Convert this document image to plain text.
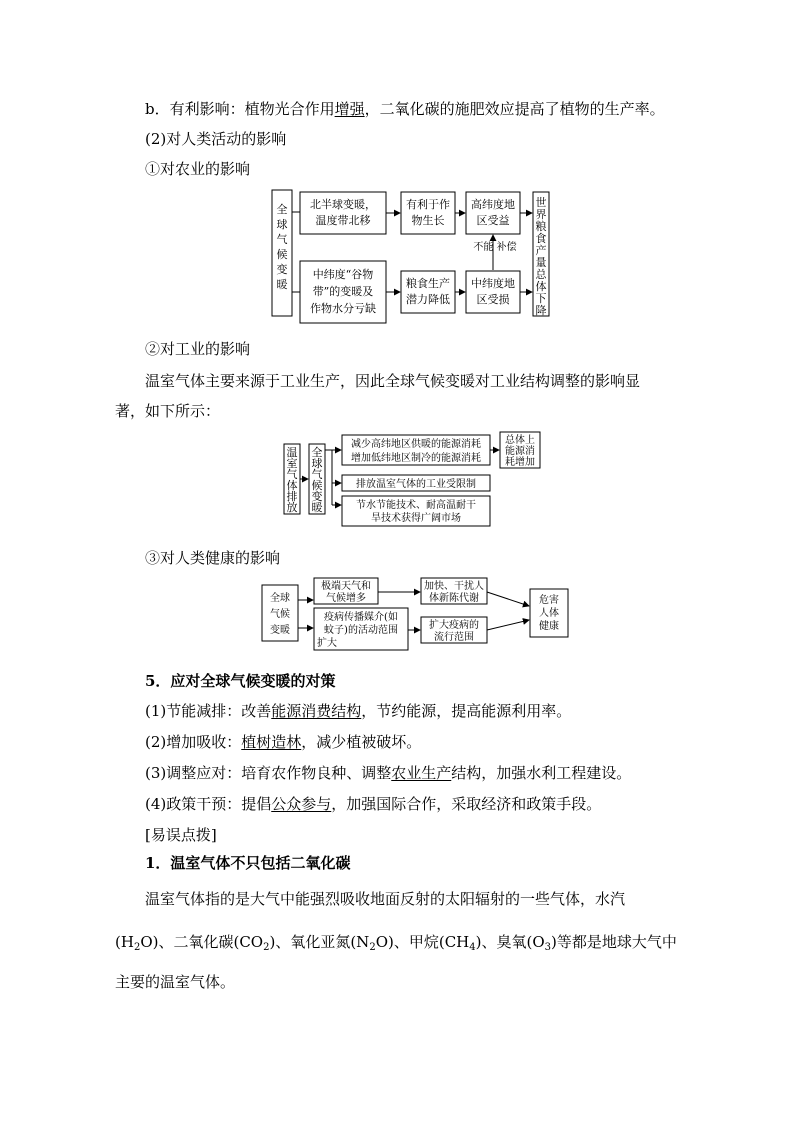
b．有利影响：植物光合作用增强，二氧化碳的施肥效应提高了植物的生产率。
(2)对人类活动的影响
①对农业的影响
全
球
气
候
变
暖
北半球变暖，
温度带北移
有利于作
物生长
高纬度地
区受益
中纬度“谷物
带”的变暖及
作物水分亏缺
粮食生产
潜力降低
中纬度地
区受损
不能 补偿
世
界
粮
食
产
量
总
体
下
降
温
室
气
体
排
放
全
球
气
候
变
暖
减少高纬地区供暖的能源消耗
增加低纬地区制冷的能源消耗
总体上
能源消
耗增加
排放温室气体的工业受限制
节水节能技术、耐高温耐干
旱技术获得广阔市场
全球
气候
变暖
极端天气和
气候增多
加快、干扰人
体新陈代谢
疫病传播媒介(如
蚊子)的活动范围
扩大
扩大疫病的
流行范围
危害
人体
健康
②对工业的影响
温室气体主要来源于工业生产，因此全球气候变暖对工业结构调整的影响显
著，如下所示：
③对人类健康的影响
5．应对全球气候变暖的对策
(1)节能减排：改善能源消费结构，节约能源，提高能源利用率。
(2)增加吸收：植树造林，减少植被破坏。
(3)调整应对：培育农作物良种、调整农业生产结构，加强水利工程建设。
(4)政策干预：提倡公众参与，加强国际合作，采取经济和政策手段。
[易误点拨]
1．温室气体不只包括二氧化碳
温室气体指的是大气中能强烈吸收地面反射的太阳辐射的一些气体，水汽
$(H_2O)$、二氧化碳$(CO_2)$、氧化亚氮$(N_2O)$、甲烷$(CH_4)$、臭氧$(O_3)$等都是地球大气中
主要的温室气体。
